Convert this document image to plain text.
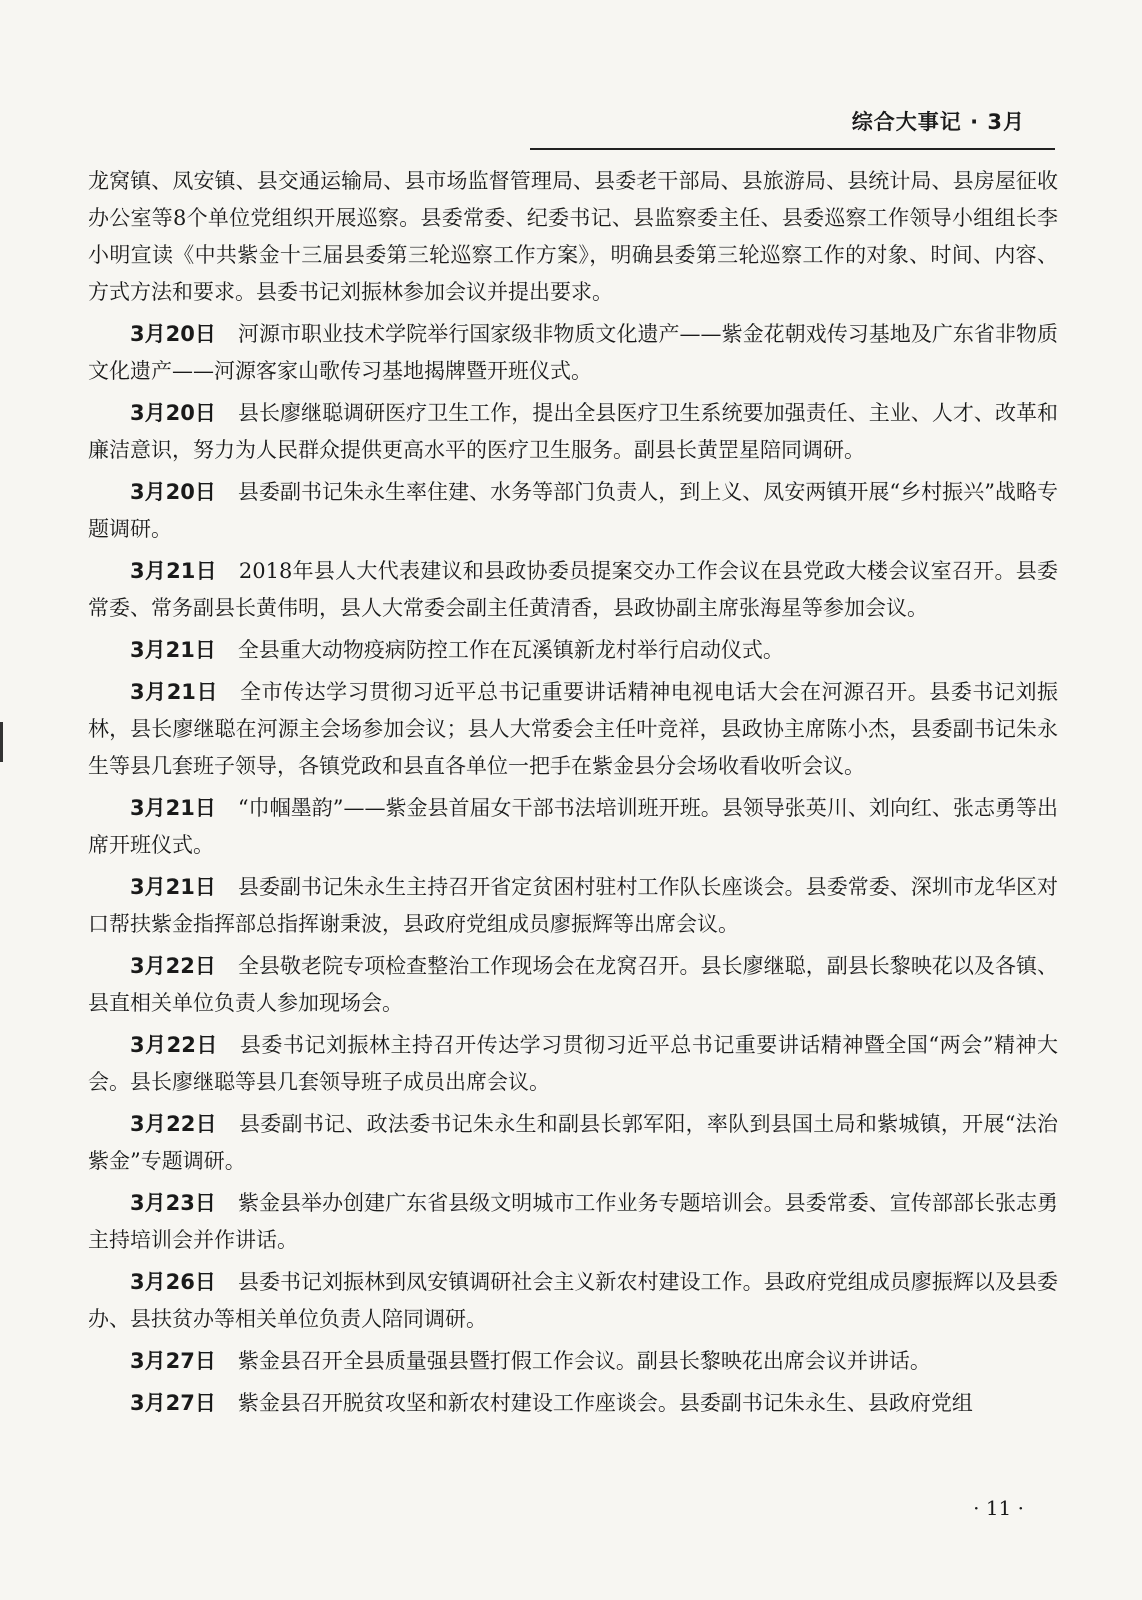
综合大事记 · 3月

龙窝镇、凤安镇、县交通运输局、县市场监督管理局、县委老干部局、县旅游局、县统计局、县房屋征收办公室等8个单位党组织开展巡察。县委常委、纪委书记、县监察委主任、县委巡察工作领导小组组长李小明宣读《中共紫金十三届县委第三轮巡察工作方案》，明确县委第三轮巡察工作的对象、时间、内容、方式方法和要求。县委书记刘振林参加会议并提出要求。

3月20日 河源市职业技术学院举行国家级非物质文化遗产——紫金花朝戏传习基地及广东省非物质文化遗产——河源客家山歌传习基地揭牌暨开班仪式。

3月20日 县长廖继聪调研医疗卫生工作，提出全县医疗卫生系统要加强责任、主业、人才、改革和廉洁意识，努力为人民群众提供更高水平的医疗卫生服务。副县长黄罡星陪同调研。

3月20日 县委副书记朱永生率住建、水务等部门负责人，到上义、凤安两镇开展“乡村振兴”战略专题调研。

3月21日 2018年县人大代表建议和县政协委员提案交办工作会议在县党政大楼会议室召开。县委常委、常务副县长黄伟明，县人大常委会副主任黄清香，县政协副主席张海星等参加会议。

3月21日 全县重大动物疫病防控工作在瓦溪镇新龙村举行启动仪式。

3月21日 全市传达学习贯彻习近平总书记重要讲话精神电视电话大会在河源召开。县委书记刘振林，县长廖继聪在河源主会场参加会议；县人大常委会主任叶竞祥，县政协主席陈小杰，县委副书记朱永生等县几套班子领导，各镇党政和县直各单位一把手在紫金县分会场收看收听会议。

3月21日 “巾帼墨韵”——紫金县首届女干部书法培训班开班。县领导张英川、刘向红、张志勇等出席开班仪式。

3月21日 县委副书记朱永生主持召开省定贫困村驻村工作队长座谈会。县委常委、深圳市龙华区对口帮扶紫金指挥部总指挥谢秉波，县政府党组成员廖振辉等出席会议。

3月22日 全县敬老院专项检查整治工作现场会在龙窝召开。县长廖继聪，副县长黎映花以及各镇、县直相关单位负责人参加现场会。

3月22日 县委书记刘振林主持召开传达学习贯彻习近平总书记重要讲话精神暨全国“两会”精神大会。县长廖继聪等县几套领导班子成员出席会议。

3月22日 县委副书记、政法委书记朱永生和副县长郭军阳，率队到县国土局和紫城镇，开展“法治紫金”专题调研。

3月23日 紫金县举办创建广东省县级文明城市工作业务专题培训会。县委常委、宣传部部长张志勇主持培训会并作讲话。

3月26日 县委书记刘振林到凤安镇调研社会主义新农村建设工作。县政府党组成员廖振辉以及县委办、县扶贫办等相关单位负责人陪同调研。

3月27日 紫金县召开全县质量强县暨打假工作会议。副县长黎映花出席会议并讲话。

3月27日 紫金县召开脱贫攻坚和新农村建设工作座谈会。县委副书记朱永生、县政府党组

· 11 ·
